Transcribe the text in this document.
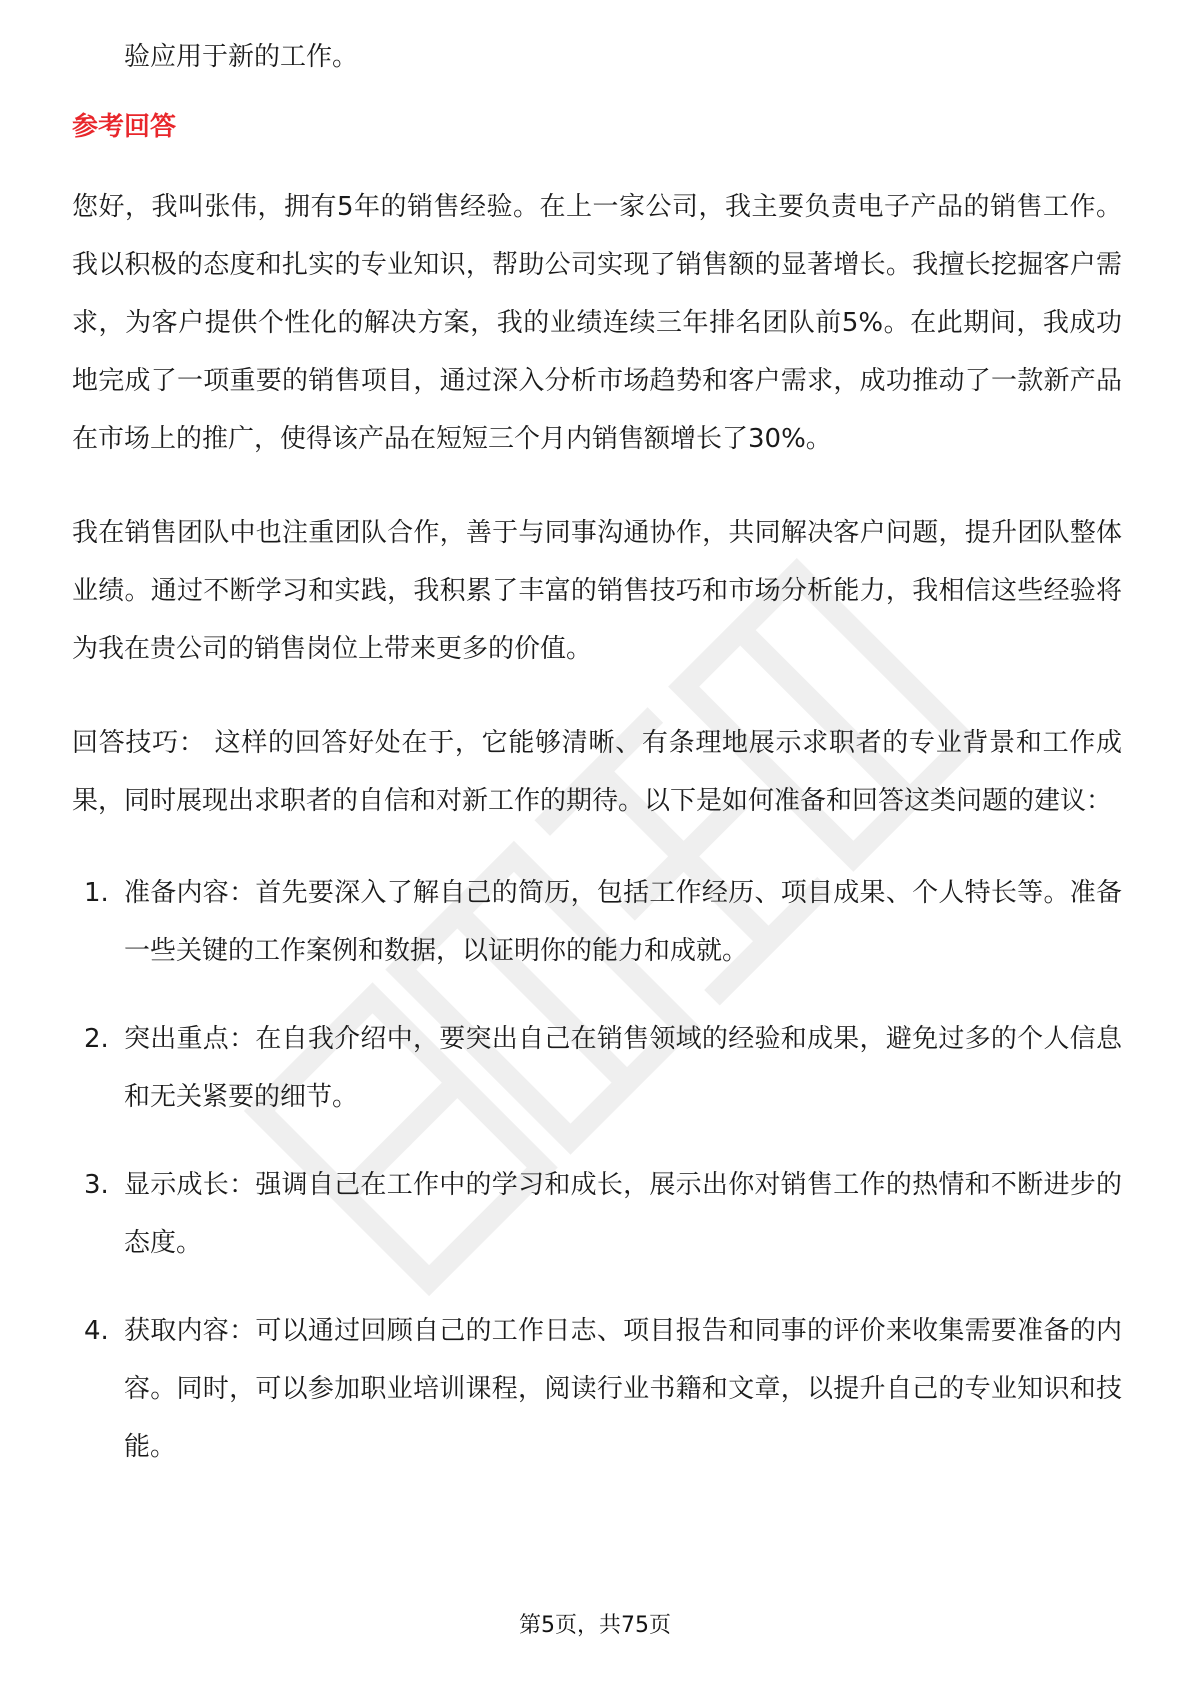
验应用于新的工作。

参考回答

您好，我叫张伟，拥有5年的销售经验。在上一家公司，我主要负责电子产品的销售工作。我以积极的态度和扎实的专业知识，帮助公司实现了销售额的显著增长。我擅长挖掘客户需求，为客户提供个性化的解决方案，我的业绩连续三年排名团队前5%。在此期间，我成功地完成了一项重要的销售项目，通过深入分析市场趋势和客户需求，成功推动了一款新产品在市场上的推广，使得该产品在短短三个月内销售额增长了30%。

我在销售团队中也注重团队合作，善于与同事沟通协作，共同解决客户问题，提升团队整体业绩。通过不断学习和实践，我积累了丰富的销售技巧和市场分析能力，我相信这些经验将为我在贵公司的销售岗位上带来更多的价值。

回答技巧： 这样的回答好处在于，它能够清晰、有条理地展示求职者的专业背景和工作成果，同时展现出求职者的自信和对新工作的期待。以下是如何准备和回答这类问题的建议：

1. 准备内容：首先要深入了解自己的简历，包括工作经历、项目成果、个人特长等。准备一些关键的工作案例和数据，以证明你的能力和成就。
2. 突出重点：在自我介绍中，要突出自己在销售领域的经验和成果，避免过多的个人信息和无关紧要的细节。
3. 显示成长：强调自己在工作中的学习和成长，展示出你对销售工作的热情和不断进步的态度。
4. 获取内容：可以通过回顾自己的工作日志、项目报告和同事的评价来收集需要准备的内容。同时，可以参加职业培训课程，阅读行业书籍和文章，以提升自己的专业知识和技能。
第5页，共75页
